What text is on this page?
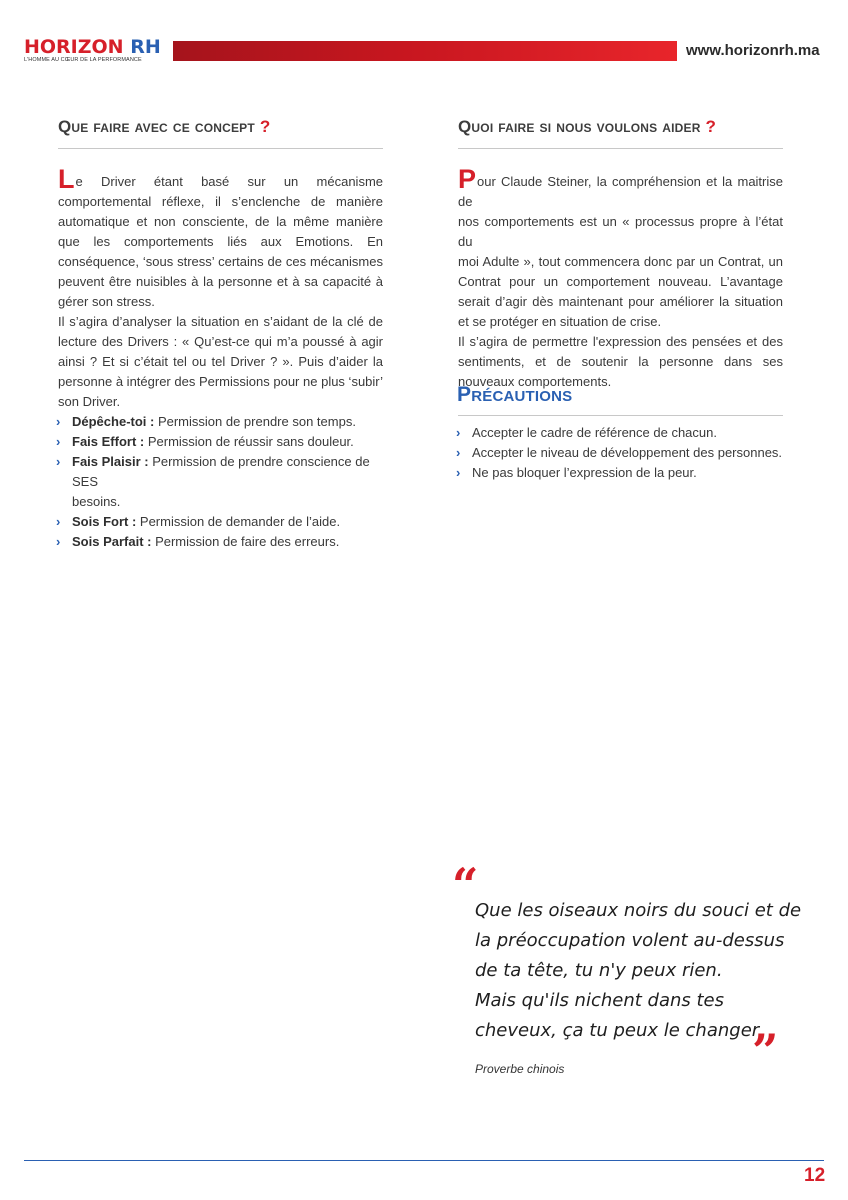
HORIZON RH
L'HOMME AU CŒUR DE LA PERFORMANCE
www.horizonrh.ma
Que faire avec ce concept ?

Le Driver étant basé sur un mécanisme

comportemental réflexe, il s’enclenche de manière

automatique et non consciente, de la même manière

que les comportements liés aux Emotions. En

conséquence, ‘sous stress’ certains de ces mécanismes

peuvent être nuisibles à la personne et à sa capacité à

gérer son stress.

Il s’agira d’analyser la situation en s’aidant de la clé de

lecture des Drivers : « Qu’est-ce qui m’a poussé à agir

ainsi ? Et si c’était tel ou tel Driver ? ». Puis d’aider la

personne à intégrer des Permissions pour ne plus ‘subir’

son Driver.

› Dépêche-toi : Permission de prendre son temps.
› Fais Effort : Permission de réussir sans douleur.
› Fais Plaisir : Permission de prendre conscience de SES
besoins.
› Sois Fort : Permission de demander de l’aide.
› Sois Parfait : Permission de faire des erreurs.
Quoi faire si nous voulons aider ?

Pour Claude Steiner, la compréhension et la maitrise de

nos comportements est un « processus propre à l’état du

moi Adulte », tout commencera donc par un Contrat, un

Contrat pour un comportement nouveau. L’avantage

serait d’agir dès maintenant pour améliorer la situation

et se protéger en situation de crise.

Il s’agira de permettre l'expression des pensées et des

sentiments, et de soutenir la personne dans ses

nouveaux comportements.

Précautions
› Accepter le cadre de référence de chacun.
› Accepter le niveau de développement des personnes.
› Ne pas bloquer l’expression de la peur.
“
Que les oiseaux noirs du souci et de
la préoccupation volent au-dessus
de ta tête, tu n'y peux rien.
Mais qu'ils nichent dans tes
cheveux, ça tu peux le changer
”
Proverbe chinois
12
